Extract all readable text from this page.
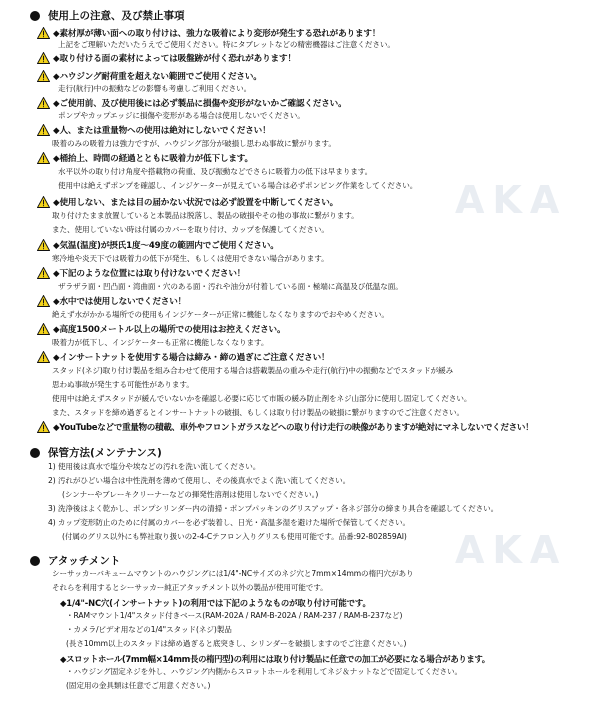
AKA
AKA
使用上の注意、及び禁止事項
◆素材厚が薄い面への取り付けは、強力な吸着により変形が発生する恐れがあります！
上記をご理解いただいたうえでご使用ください。特にタブレットなどの精密機器はご注意ください。
◆取り付ける面の素材によっては吸盤跡が付く恐れがあります！
◆ハウジング耐荷重を超えない範囲でご使用ください。
走行(航行)中の振動などの影響も考慮しご利用ください。
◆ご使用前、及び使用後には必ず製品に損傷や変形がないかご確認ください。
ポンプやカップエッジに損傷や変形がある場合は使用しないでください。
◆人、または重量物への使用は絶対にしないでください！
吸着のみの吸着力は強力ですが、ハウジング部分が破損し思わぬ事故に繋がります。
◆桶抬上、時間の経過とともに吸着力が低下します。
水平以外の取り付け角度や搭載物の荷重、及び振動などでさらに吸着力の低下は早まります。
使用中は絶えずポンプを確認し、インジケーターが見えている場合は必ずポンピング作業をしてください。
◆使用しない、または目の届かない状況では必ず設置を中断してください。
取り付けたまま放置していると本製品は脱落し、製品の破損やその他の事故に繋がります。
また、使用していない時は付属のカバーを取り付け、カップを保護してください。
◆気温(温度)が摂氏1度～49度の範囲内でご使用ください。
寒冷地や炎天下では吸着力の低下が発生、もしくは使用できない場合があります。
◆下記のような位置には取り付けないでください！
ザラザラ面・凹凸面・湾曲面・穴のある面・汚れや油分が付着している面・極端に高温及び低温な面。
◆水中では使用しないでください！
絶えず水がかかる場所での使用もインジケーターが正常に機能しなくなりますのでおやめください。
◆高度1500メートル以上の場所での使用はお控えください。
吸着力が低下し、インジケーターも正常に機能しなくなります。
◆インサートナットを使用する場合は締み・締の過ぎにご注意ください！
スタッド(ネジ)取り付け製品を組み合わせて使用する場合は搭載製品の重みや走行(航行)中の振動などでスタッドが緩み
思わぬ事故が発生する可能性があります。
使用中は絶えずスタッドが緩んでいないかを確認し必要に応じて市販の緩み防止剤をネジ山部分に使用し固定してください。
また、スタッドを締め過ぎるとインサートナットの破損、もしくは取り付け製品の破損に繋がりますのでご注意ください。
◆YouTubeなどで重量物の積載、車外やフロントガラスなどへの取り付け走行の映像がありますが絶対にマネしないでください！
保管方法(メンテナンス)
1) 使用後は真水で塩分や埃などの汚れを洗い流してください。
2) 汚れがひどい場合は中性洗剤を薄めて使用し、その後真水でよく洗い流してください。
(シンナーやブレーキクリーナーなどの揮発性溶剤は使用しないでください。)
3) 洗浄後はよく乾かし、ポンプシリンダー内の清掃・ポンプパッキンのグリスアップ・各ネジ部分の締まり具合を確認してください。
4) カップ変形防止のために付属のカバーを必ず装着し、日光・高温多湿を避けた場所で保管してください。
(付属のグリス以外にも弊社取り扱いの2-4-Cテフロン入りグリスも使用可能です。品番:92-802859AI)
アタッチメント
シーサッカーバキュームマウントのハウジングには1/4"-NCサイズのネジ穴と7mm×14mmの楕円穴があり
それらを利用するとシーサッカー純正アタッチメント以外の製品が使用可能です。
◆1/4"-NC穴(インサートナット)の利用では下記のようなものが取り付け可能です。
・RAMマウント1/4"スタッド付きベース(RAM-202A / RAM-B-202A / RAM-237 / RAM-B-237など)
・カメラ/ビデオ用などの1/4"スタッド(ネジ)製品
(長さ10mm以上のスタッドは締め過ぎると底突きし、シリンダーを破損しますのでご注意ください。)
◆スロットホール(7mm幅×14mm長の楕円型)の利用には取り付け製品に任意での加工が必要になる場合があります。
・ハウジング固定ネジを外し、ハウジング内側からスロットホールを利用してネジ＆ナットなどで固定してください。
(固定用の金具類は任意でご用意ください。)
